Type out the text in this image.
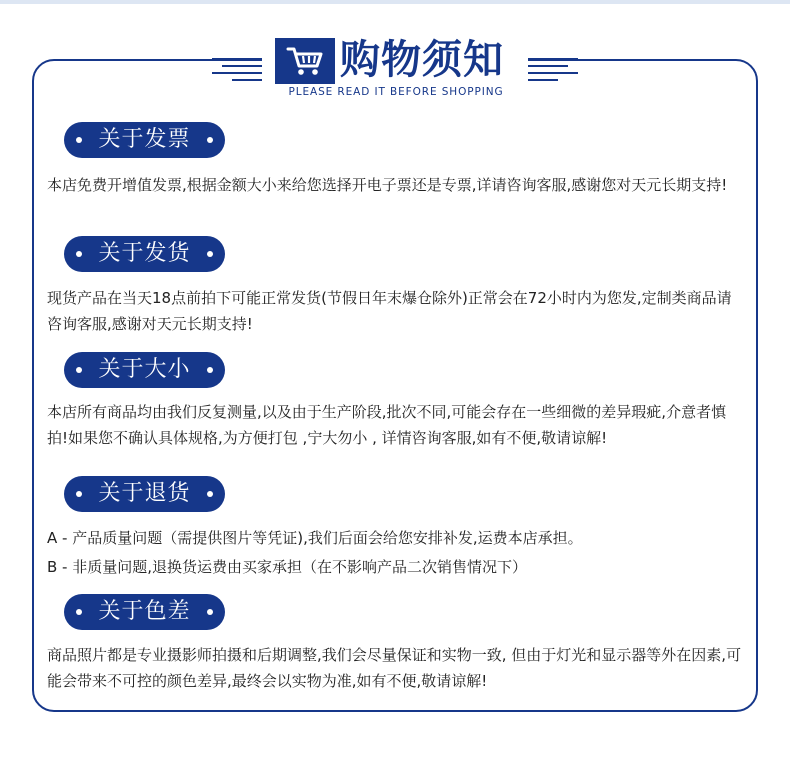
购物须知
PLEASE READ IT BEFORE SHOPPING
关于发票

本店免费开增值发票,根据金额大小来给您选择开电子票还是专票,详请咨询客服,感谢您对天元长期支持!

关于发货

现货产品在当天18点前拍下可能正常发货(节假日年末爆仓除外)正常会在72小时内为您发,定制类商品请咨询客服,感谢对天元长期支持!

关于大小

本店所有商品均由我们反复测量,以及由于生产阶段,批次不同,可能会存在一些细微的差异瑕疵,介意者慎拍!如果您不确认具体规格,为方便打包 ,宁大勿小 , 详情咨询客服,如有不便,敬请谅解!

关于退货

A - 产品质量问题（需提供图片等凭证),我们后面会给您安排补发,运费本店承担。

B - 非质量问题,退换货运费由买家承担（在不影响产品二次销售情况下）

关于色差

商品照片都是专业摄影师拍摄和后期调整,我们会尽量保证和实物一致, 但由于灯光和显示器等外在因素,可能会带来不可控的颜色差异,最终会以实物为准,如有不便,敬请谅解!
